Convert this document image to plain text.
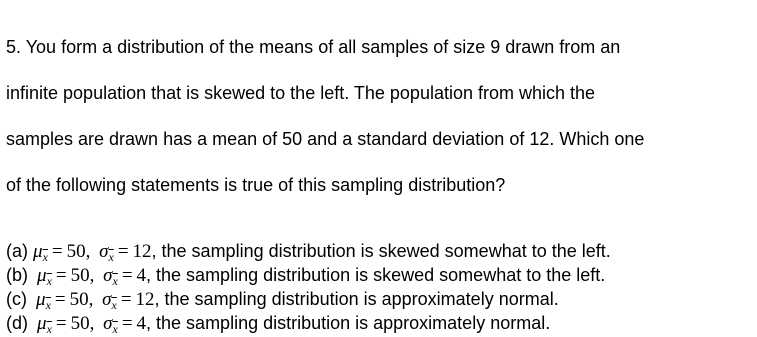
5. You form a distribution of the means of all samples of size 9 drawn from an

infinite population that is skewed to the left. The population from which the

samples are drawn has a mean of 50 and a standard deviation of 12. Which one

of the following statements is true of this sampling distribution?

(a) $\mu_{\overline{x}} = 50$, $\sigma_{\overline{x}} = 12$, the sampling distribution is skewed somewhat to the left.
(b) $\mu_{\overline{x}} = 50$, $\sigma_{\overline{x}} = 4$, the sampling distribution is skewed somewhat to the left.
(c) $\mu_{\overline{x}} = 50$, $\sigma_{\overline{x}} = 12$, the sampling distribution is approximately normal.
(d) $\mu_{\overline{x}} = 50$, $\sigma_{\overline{x}} = 4$, the sampling distribution is approximately normal.
